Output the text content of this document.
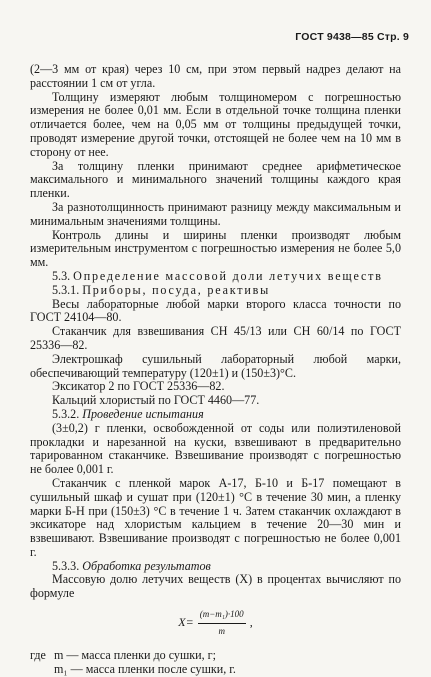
ГОСТ 9438—85 Стр. 9

(2—3 мм от края) через 10 см, при этом первый надрез делают на расстоянии 1 см от угла.

Толщину измеряют любым толщиномером с погрешностью измерения не более 0,01 мм. Если в отдельной точке толщина пленки отличается более, чем на 0,05 мм от толщины предыдущей точки, проводят измерение другой точки, отстоящей не более чем на 10 мм в сторону от нее.

За толщину пленки принимают среднее арифметическое максимального и минимального значений толщины каждого края пленки.

За разнотолщинность принимают разницу между максимальным и минимальным значениями толщины.

Контроль длины и ширины пленки производят любым измерительным инструментом с погрешностью измерения не более 5,0 мм.

5.3. Определение массовой доли летучих веществ

5.3.1. Приборы, посуда, реактивы

Весы лабораторные любой марки второго класса точности по ГОСТ 24104—80.

Стаканчик для взвешивания СН 45/13 или СН 60/14 по ГОСТ 25336—82.

Электрошкаф сушильный лабораторный любой марки, обеспечивающий температуру (120±1) и (150±3)°С.

Эксикатор 2 по ГОСТ 25336—82.

Кальций хлористый по ГОСТ 4460—77.

5.3.2. Проведение испытания

(3±0,2) г пленки, освобожденной от соды или полиэтиленовой прокладки и нарезанной на куски, взвешивают в предварительно тарированном стаканчике. Взвешивание производят с погрешностью не более 0,001 г.

Стаканчик с пленкой марок А-17, Б-10 и Б-17 помещают в сушильный шкаф и сушат при (120±1) °С в течение 30 мин, а пленку марки Б-Н при (150±3) °С в течение 1 ч. Затем стаканчик охлаждают в эксикаторе над хлористым кальцием в течение 20—30 мин и взвешивают. Взвешивание производят с погрешностью не более 0,001 г.

5.3.3. Обработка результатов

Массовую долю летучих веществ (X) в процентах вычисляют по формуле

$X= \frac{\text{(m−m₁)·100}}{m}$ ,
где m — масса пленки до сушки, г;
m₁ — масса пленки после сушки, г.
